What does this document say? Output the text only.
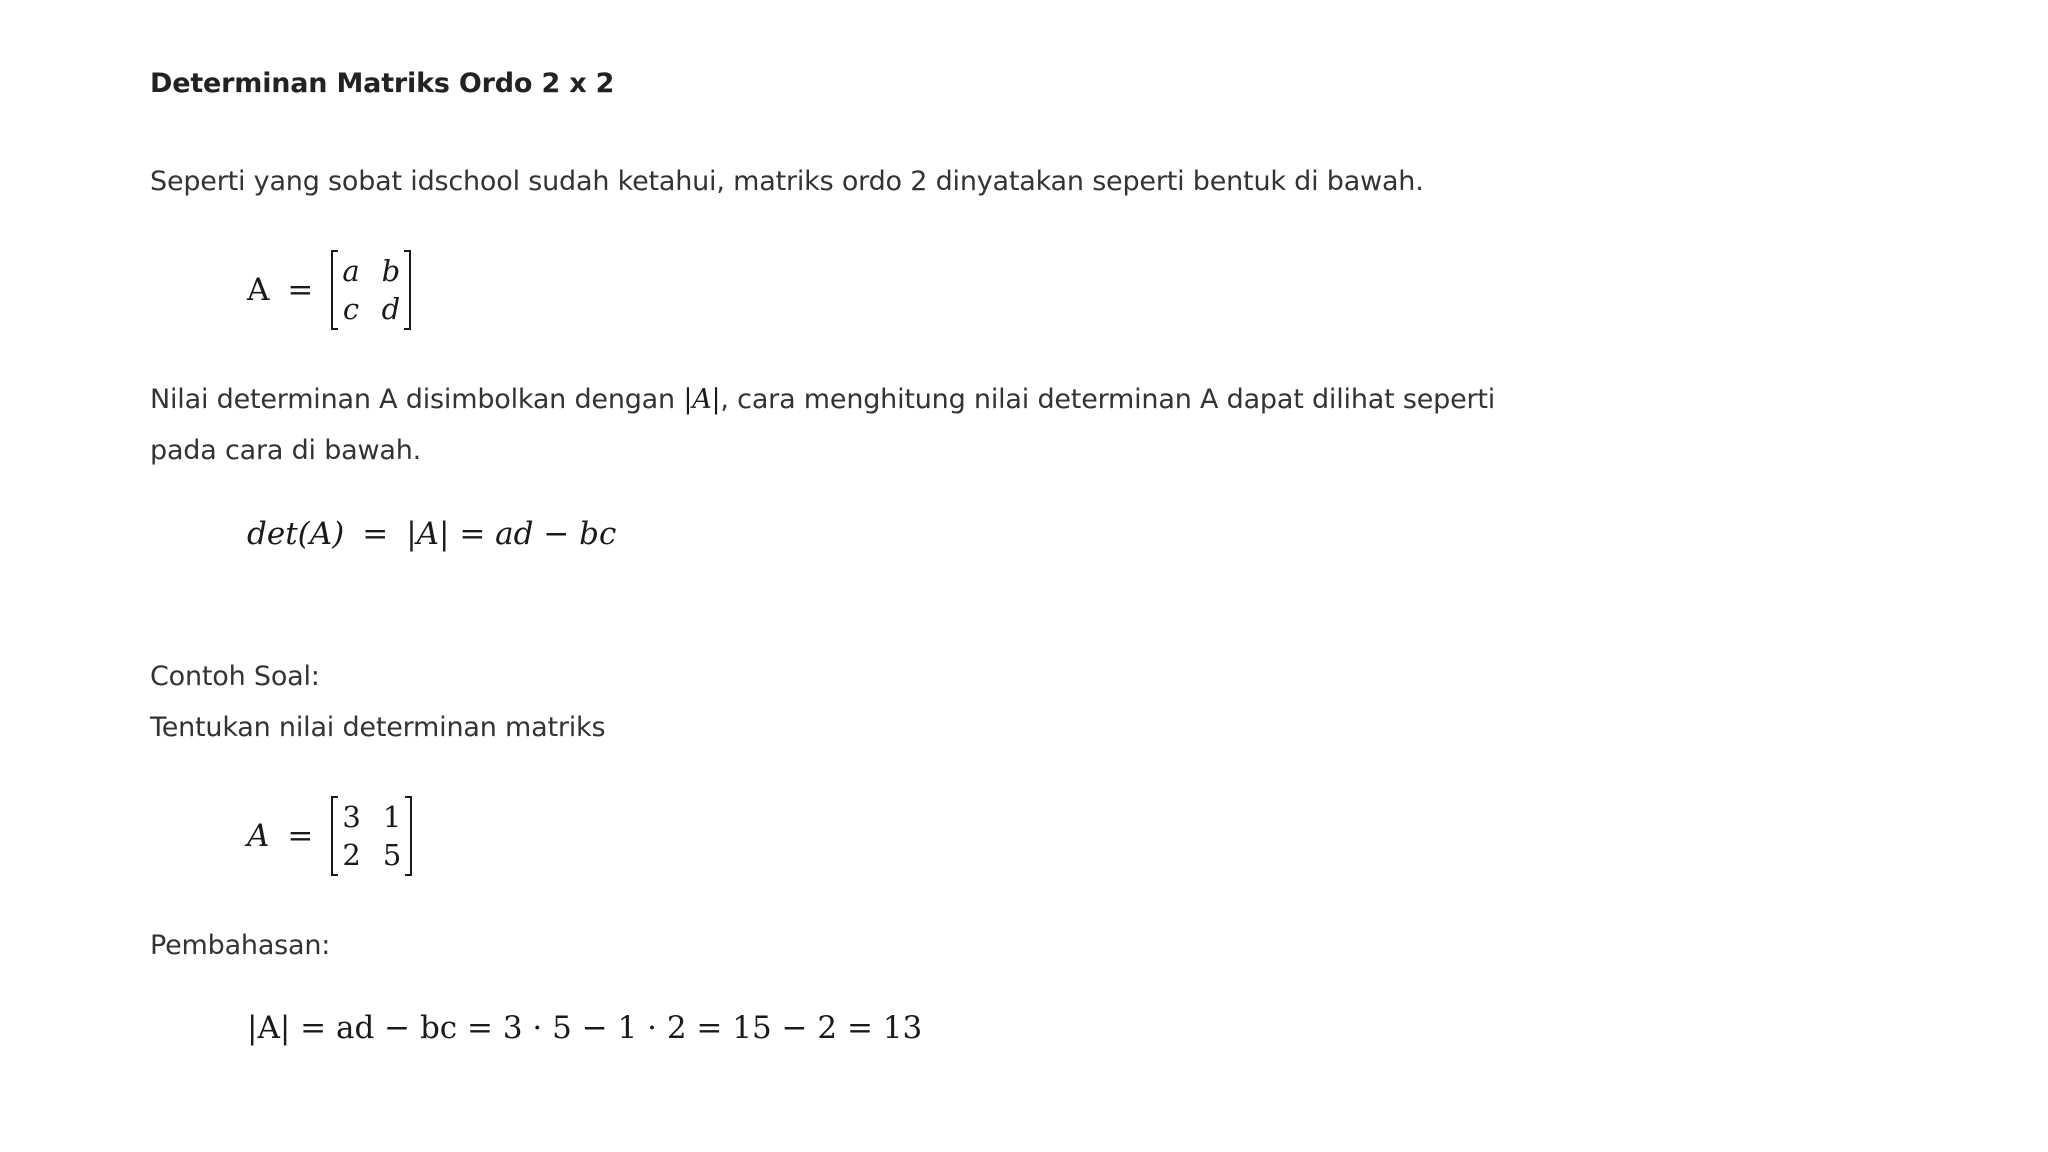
Determinan Matriks Ordo 2 x 2
Seperti yang sobat idschool sudah ketahui, matriks ordo 2 dinyatakan seperti bentuk di bawah.
A =
a b
c d
Nilai determinan A disimbolkan dengan |A|, cara menghitung nilai determinan A dapat dilihat seperti
pada cara di bawah.
det(A) = |A| = ad − bc
Contoh Soal:
Tentukan nilai determinan matriks
A =
3 1
2 5
Pembahasan:
|A| = ad − bc = 3 · 5 − 1 · 2 = 15 − 2 = 13
